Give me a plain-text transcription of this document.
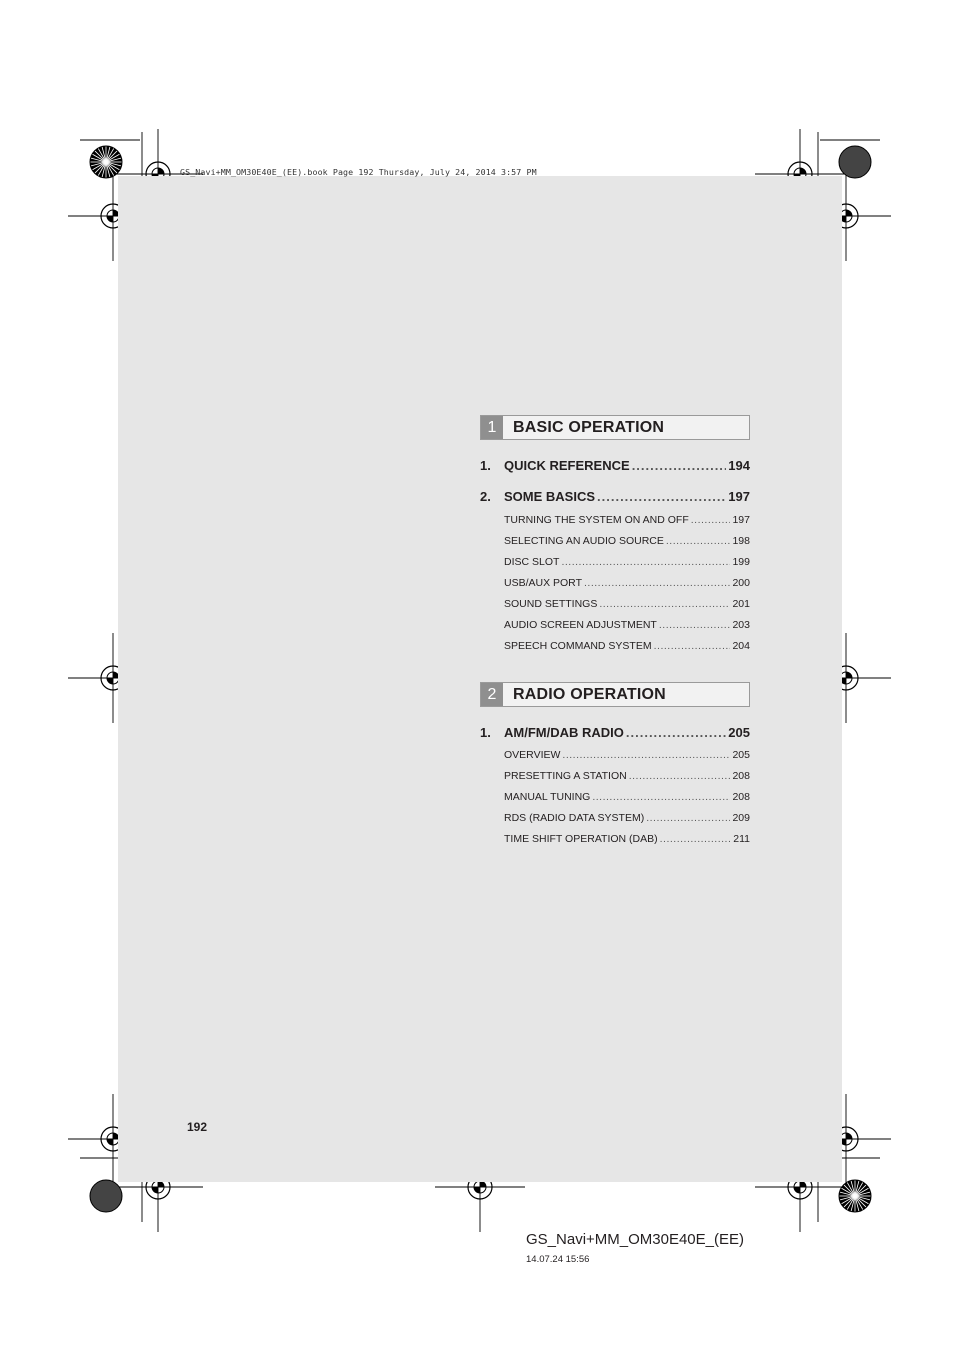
GS_Navi+MM_OM30E40E_(EE).book Page 192 Thursday, July 24, 2014 3:57 PM
1	BASIC OPERATION
1.	QUICK REFERENCE .....	194
2.	SOME BASICS .....	197
TURNING THE SYSTEM ON AND OFF .....	197
SELECTING AN AUDIO SOURCE .....	198
DISC SLOT .....	199
USB/AUX PORT .....	200
SOUND SETTINGS .....	201
AUDIO SCREEN ADJUSTMENT .....	203
SPEECH COMMAND SYSTEM .....	204
2	RADIO OPERATION
1.	AM/FM/DAB RADIO .....	205
OVERVIEW .....	205
PRESETTING A STATION .....	208
MANUAL TUNING .....	208
RDS (RADIO DATA SYSTEM) .....	209
TIME SHIFT OPERATION (DAB) .....	211
192
GS_Navi+MM_OM30E40E_(EE)
14.07.24 15:56
